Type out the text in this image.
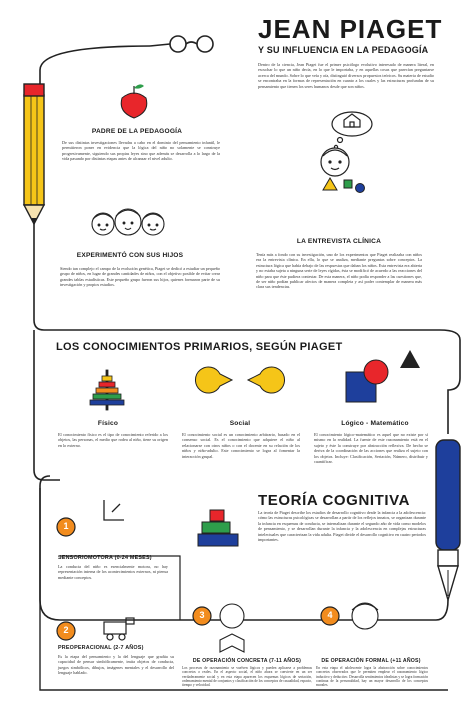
JEAN PIAGET
Y SU INFLUENCIA EN LA PEDAGOGÍA
Dentro de la ciencia, Jean Piaget fue el primer psicólogo evolutivo interesado de manera literal, en escuchar lo que un niño decía, en lo que le importaba, y en aquellas cosas que parecían preguntarse acerca del mundo. Sobre lo que veía y oía, distinguió diversos propuestos teóricos. Su materia de estudio se encontraba en la formas de representación en cuanto a los cuales y las estructuras profundas de su pensamiento que tienen los seres humanos desde que son niños.
PADRE DE LA PEDAGOGÍA
De sus distintas investigaciones llevadas a cabo en el dominio del pensamiento infantil, le permitieron poner en evidencia que la lógica del niño no solamente se construye progresivamente, siguiendo sus propias leyes sino que además se desarrolla a lo largo de la vida pasando por distintas etapas antes de alcanzar el nivel adulto.
EXPERIMENTÓ CON SUS HIJOS
Siendo tan complejo el campo de la evolución genética, Piaget se dedicó a estudiar un pequeño grupo de niños, en lugar de grandes cantidades de niños, con el objetivo posible de evitar crear grandes tablas estadísticas. Este pequeño grupo fueron sus hijos, quienes formaron parte de su investigación y propios estudios.
LA ENTREVISTA CLÍNICA
Tenía más a fondo con su investigación, uno de los experimentos que Piaget realizaba con niños era la entrevista clínica. En ella, lo que se analiza, mediante preguntas sobre conceptos. La estructura lógica que había debajo de las respuestas que daban los niños. Esta entrevista era abierta y no estaba sujeta a ninguna serie de leyes rígidas, ésta se modificó de acuerdo a las reacciones del niño para que éste pudiera contestar. De esta manera, el niño podía responder a las cuestiones que, de ser niño podían publicar afectos de manera completa y así poder contemplar de manera más clara sus tendencias.
LOS CONOCIMIENTOS PRIMARIOS, SEGÚN PIAGET
Físico
El conocimiento físico es el tipo de conocimiento referido a los objetos, las personas, el medio que rodea al niño, tiene su origen en lo externo.
Social
El conocimiento social es un conocimiento arbitrario, basado en el consenso social. Es el conocimiento que adquiere el niño al relacionarse con otros niños o con el docente en su relación de los niños y niño-adulto. Este conocimiento se logra al fomentar la interacción grupal.
Lógico - Matemático
El conocimiento lógico-matemático es aquel que no existe por sí mismo en la realidad. La fuente de este razonamiento está en el sujeto y éste la construye por abstracción reflexiva. De hecho se deriva de la coordinación de las acciones que realiza el sujeto con los objetos. Incluye: Clasificación, Seriación, Número, distribuir y cuantificar.
TEORÍA COGNITIVA
La teoría de Piaget describe los estadios de desarrollo cognitivo desde la infancia a la adolescencia: cómo las estructuras psicológicas se desarrollan a partir de los reflejos innatos, se organizan durante la infancia en esquemas de conducta, se internalizan durante el segundo año de vida como modelos de pensamiento, y se desarrollan durante la infancia y la adolescencia en complejas estructuras intelectuales que caracterizan la vida adulta. Piaget divide el desarrollo cognitivo en cuatro periodos importantes.
1
SENSORIOMOTORA (0-24 MESES)
La conducta del niño es esencialmente motora, no hay representación interna de los acontecimientos externos, ni piensa mediante conceptos.
2
PREOPERACIONAL (2-7 AÑOS)
Es la etapa del pensamiento y la del lenguaje que gradúa su capacidad de pensar simbólicamente, imita objetos de conducta, juegos simbólicos, dibujos, imágenes mentales y el desarrollo del lenguaje hablado.
3
DE OPERACIÓN CONCRETA (7-11 AÑOS)
Los procesos de razonamiento se vuelven lógicos y pueden aplicarse a problemas concretos o reales. En el aspecto social, el niño ahora se convierte en un ser verdaderamente social y en esta etapa aparecen los esquemas lógicos de seriación, ordenamiento mental de conjuntos y clasificación de los conceptos de casualidad, espacio, tiempo y velocidad.
4
DE OPERACIÓN FORMAL (+11 AÑOS)
En esta etapa el adolescente logra la abstracción sobre conocimientos concretos observados que le permiten emplear el razonamiento lógico inductivo y deductivo. Desarrolla sentimientos idealistas y se logra formación continua de la personalidad, hay un mayor desarrollo de los conceptos morales.
